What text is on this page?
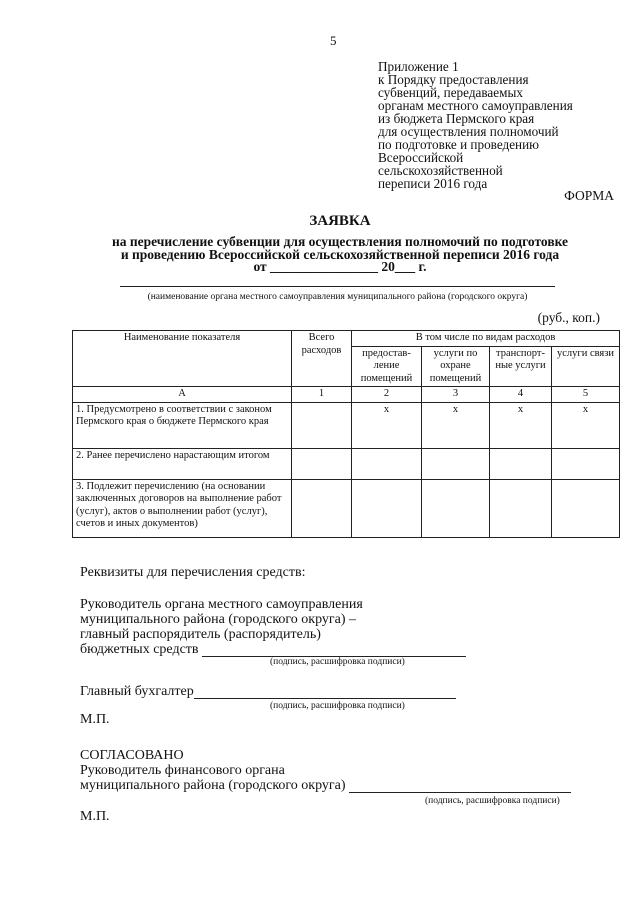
5
Приложение 1
к Порядку предоставления
субвенций, передаваемых
органам местного самоуправления
из бюджета Пермского края
для осуществления полномочий
по подготовке и проведению
Всероссийской
сельскохозяйственной
переписи 2016 года
ФОРМА
ЗАЯВКА
на перечисление субвенции для осуществления полномочий по подготовке
и проведению Всероссийской сельскохозяйственной переписи 2016 года
от ________________ 20___ г.
(наименование органа местного самоуправления муниципального района (городского округа)
(руб., коп.)
Наименование показателя	Всего расходов	В том числе по видам расходов			
		предостав-ление помещений	услуги по охране помещений	транспорт-ные услуги	услуги связи
А	1	2	3	4	5
1. Предусмотрено в соответствии с законом Пермского края о бюджете Пермского края		х	х	х	х
2. Ранее перечислено нарастающим итогом					
3. Подлежит перечислению (на основании заключенных договоров на выполнение работ (услуг), актов о выполнении работ (услуг), счетов и иных документов)					
Реквизиты для перечисления средств:
Руководитель органа местного самоуправления
муниципального района (городского округа) –
главный распорядитель (распорядитель)
бюджетных средств
(подпись, расшифровка подписи)
Главный бухгалтер
(подпись, расшифровка подписи)
М.П.
СОГЛАСОВАНО
Руководитель финансового органа
муниципального района (городского округа)
(подпись, расшифровка подписи)
М.П.
